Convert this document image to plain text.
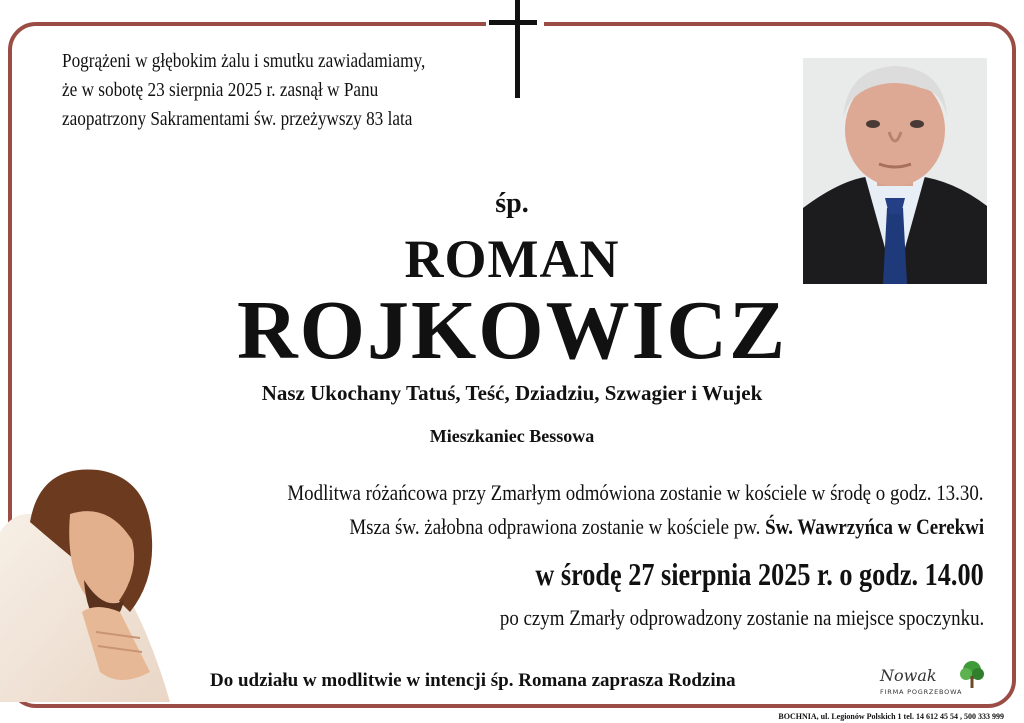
Pogrążeni w głębokim żalu i smutku zawiadamiamy,
że w sobotę 23 sierpnia 2025 r. zasnął w Panu
zaopatrzony Sakramentami św. przeżywszy 83 lata
śp.
ROMAN
ROJKOWICZ
Nasz Ukochany Tatuś, Teść, Dziadziu, Szwagier i Wujek
Mieszkaniec Bessowa
Modlitwa różańcowa przy Zmarłym odmówiona zostanie w kościele w środę o godz. 13.30.
Msza św. żałobna odprawiona zostanie w kościele pw. Św. Wawrzyńca w Cerekwi
w środę 27 sierpnia 2025 r. o godz. 14.00
po czym Zmarły odprowadzony zostanie na miejsce spoczynku.
Do udziału w modlitwie w intencji śp. Romana zaprasza Rodzina	Nowak
FIRMA POGRZEBOWA
BOCHNIA, ul. Legionów Polskich 1 tel. 14 612 45 54 , 500 333 999
